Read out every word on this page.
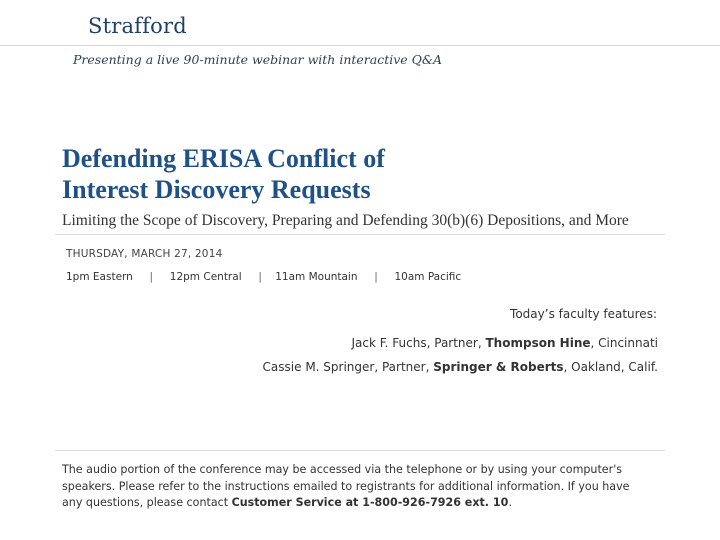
Strafford
Presenting a live 90-minute webinar with interactive Q&A
Defending ERISA Conflict of
Interest Discovery Requests
Limiting the Scope of Discovery, Preparing and Defending 30(b)(6) Depositions, and More
THURSDAY, MARCH 27, 2014
1pm Eastern | 12pm Central | 11am Mountain | 10am Pacific
Today’s faculty features:
Jack F. Fuchs, Partner, Thompson Hine, Cincinnati
Cassie M. Springer, Partner, Springer & Roberts, Oakland, Calif.
The audio portion of the conference may be accessed via the telephone or by using your computer's speakers. Please refer to the instructions emailed to registrants for additional information. If you have any questions, please contact Customer Service at 1-800-926-7926 ext. 10.
